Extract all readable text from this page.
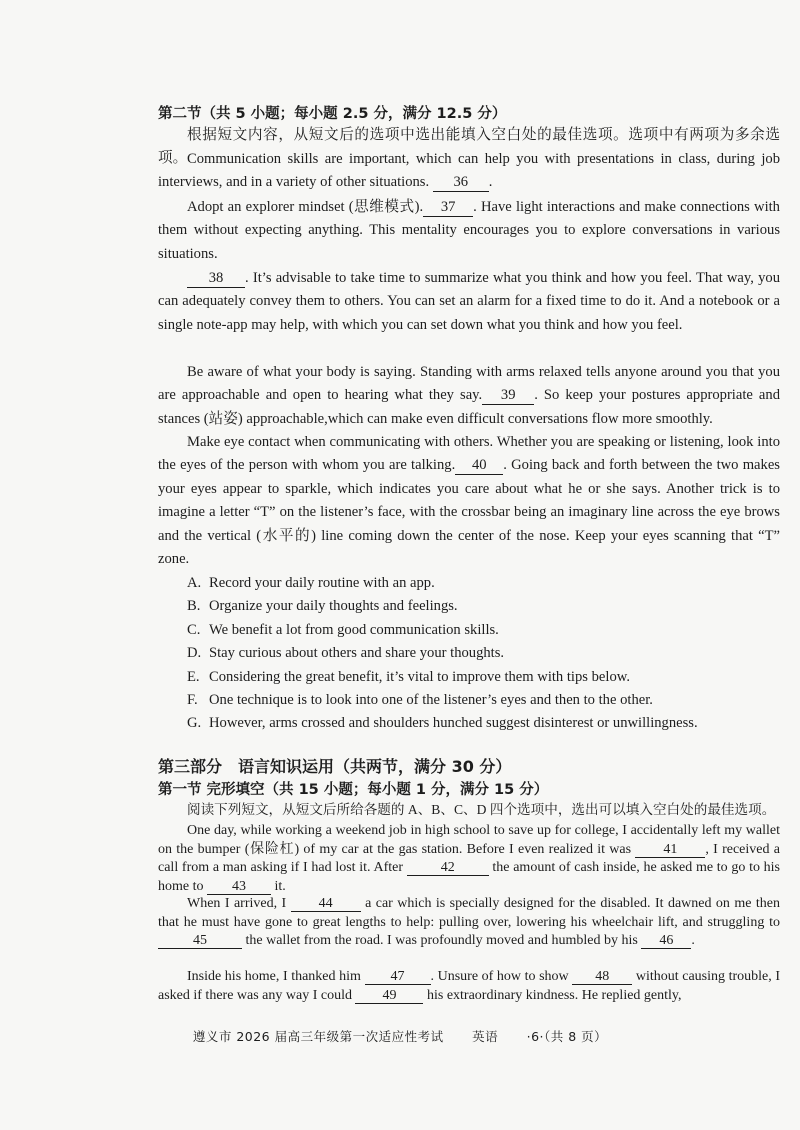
第二节（共 5 小题；每小题 2.5 分，满分 12.5 分）
根据短文内容，从短文后的选项中选出能填入空白处的最佳选项。选项中有两项为多余选项。 Communication skills are important, which can help you with presentations in class, during job interviews, and in a variety of other situations. 36 .
Adopt an explorer mindset (思维模式). 37 . Have light interactions and make connections with them without expecting anything. This mentality encourages you to explore conversations in various situations.
38 . It’s advisable to take time to summarize what you think and how you feel. That way, you can adequately convey them to others. You can set an alarm for a fixed time to do it. And a notebook or a single note-app may help, with which you can set down what you think and how you feel.
Be aware of what your body is saying. Standing with arms relaxed tells anyone around you that you are approachable and open to hearing what they say. 39 . So keep your postures appropriate and stances (站姿) approachable,which can make even difficult conversations flow more smoothly.
Make eye contact when communicating with others. Whether you are speaking or listening, look into the eyes of the person with whom you are talking. 40 . Going back and forth between the two makes your eyes appear to sparkle, which indicates you care about what he or she says. Another trick is to imagine a letter “T” on the listener’s face, with the crossbar being an imaginary line across the eye brows and the vertical (水平的) line coming down the center of the nose. Keep your eyes scanning that “T” zone.
A. Record your daily routine with an app.
B. Organize your daily thoughts and feelings.
C. We benefit a lot from good communication skills.
D. Stay curious about others and share your thoughts.
E. Considering the great benefit, it’s vital to improve them with tips below.
F. One technique is to look into one of the listener’s eyes and then to the other.
G. However, arms crossed and shoulders hunched suggest disinterest or unwillingness.
第三部分　语言知识运用（共两节，满分 30 分）
第一节 完形填空（共 15 小题；每小题 1 分，满分 15 分）
阅读下列短文，从短文后所给各题的 A、B、C、D 四个选项中，选出可以填入空白处的最佳选项。
One day, while working a weekend job in high school to save up for college, I accidentally left my wallet on the bumper (保险杠) of my car at the gas station. Before I even realized it was 41 , I received a call from a man asking if I had lost it. After	42	the amount of cash inside, he asked me to go to his home to 43 it.
When I arrived, I 44 a car which is specially designed for the disabled. It dawned on me then that he must have gone to great lengths to help: pulling over, lowering his wheelchair lift, and struggling to 45	the wallet from the road. I was profoundly moved and humbled by his 46 .
Inside his home, I thanked him 47 . Unsure of how to show 48 without causing trouble, I asked if there was any way I could 49 his extraordinary kindness. He replied gently,
遵义市 2026 届高三年级第一次适应性考试 英语 ·6·（共 8 页）
